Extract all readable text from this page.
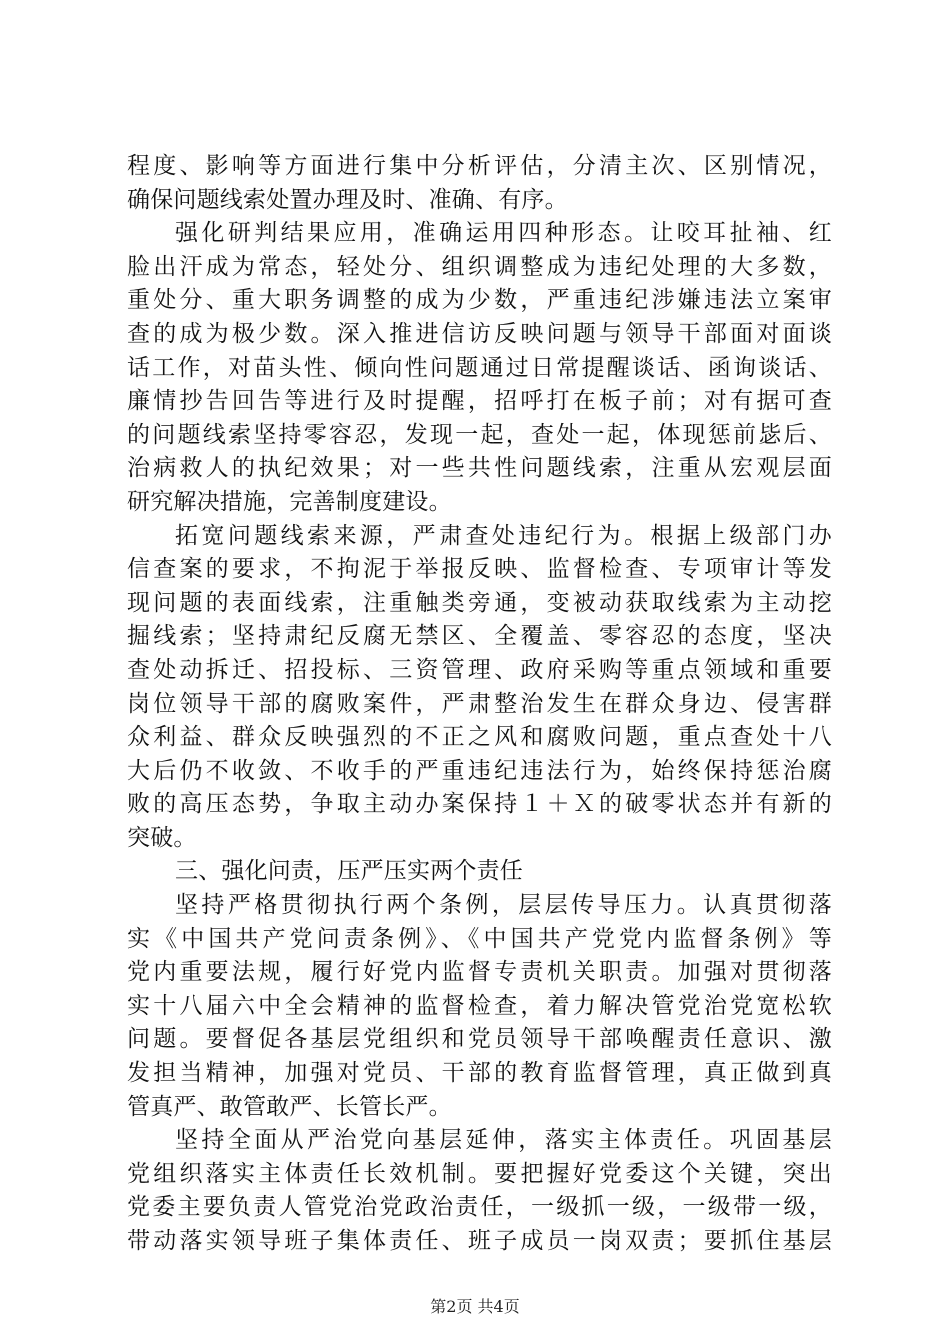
程度、影响等方面进行集中分析评估，分清主次、区别情况，
确保问题线索处置办理及时、准确、有序。
强化研判结果应用，准确运用四种形态。让咬耳扯袖、红
脸出汗成为常态，轻处分、组织调整成为违纪处理的大多数，
重处分、重大职务调整的成为少数，严重违纪涉嫌违法立案审
查的成为极少数。深入推进信访反映问题与领导干部面对面谈
话工作，对苗头性、倾向性问题通过日常提醒谈话、函询谈话、
廉情抄告回告等进行及时提醒，招呼打在板子前；对有据可查
的问题线索坚持零容忍，发现一起，查处一起，体现惩前毖后、
治病救人的执纪效果；对一些共性问题线索，注重从宏观层面
研究解决措施，完善制度建设。
拓宽问题线索来源，严肃查处违纪行为。根据上级部门办
信查案的要求，不拘泥于举报反映、监督检查、专项审计等发
现问题的表面线索，注重触类旁通，变被动获取线索为主动挖
掘线索；坚持肃纪反腐无禁区、全覆盖、零容忍的态度，坚决
查处动拆迁、招投标、三资管理、政府采购等重点领域和重要
岗位领导干部的腐败案件，严肃整治发生在群众身边、侵害群
众利益、群众反映强烈的不正之风和腐败问题，重点查处十八
大后仍不收敛、不收手的严重违纪违法行为，始终保持惩治腐
败的高压态势，争取主动办案保持１＋Ｘ的破零状态并有新的
突破。
三、强化问责，压严压实两个责任
坚持严格贯彻执行两个条例，层层传导压力。认真贯彻落
实《中国共产党问责条例》、《中国共产党党内监督条例》等
党内重要法规，履行好党内监督专责机关职责。加强对贯彻落
实十八届六中全会精神的监督检查，着力解决管党治党宽松软
问题。要督促各基层党组织和党员领导干部唤醒责任意识、激
发担当精神，加强对党员、干部的教育监督管理，真正做到真
管真严、敢管敢严、长管长严。
坚持全面从严治党向基层延伸，落实主体责任。巩固基层
党组织落实主体责任长效机制。要把握好党委这个关键，突出
党委主要负责人管党治党政治责任，一级抓一级，一级带一级，
带动落实领导班子集体责任、班子成员一岗双责；要抓住基层
第2页 共4页
